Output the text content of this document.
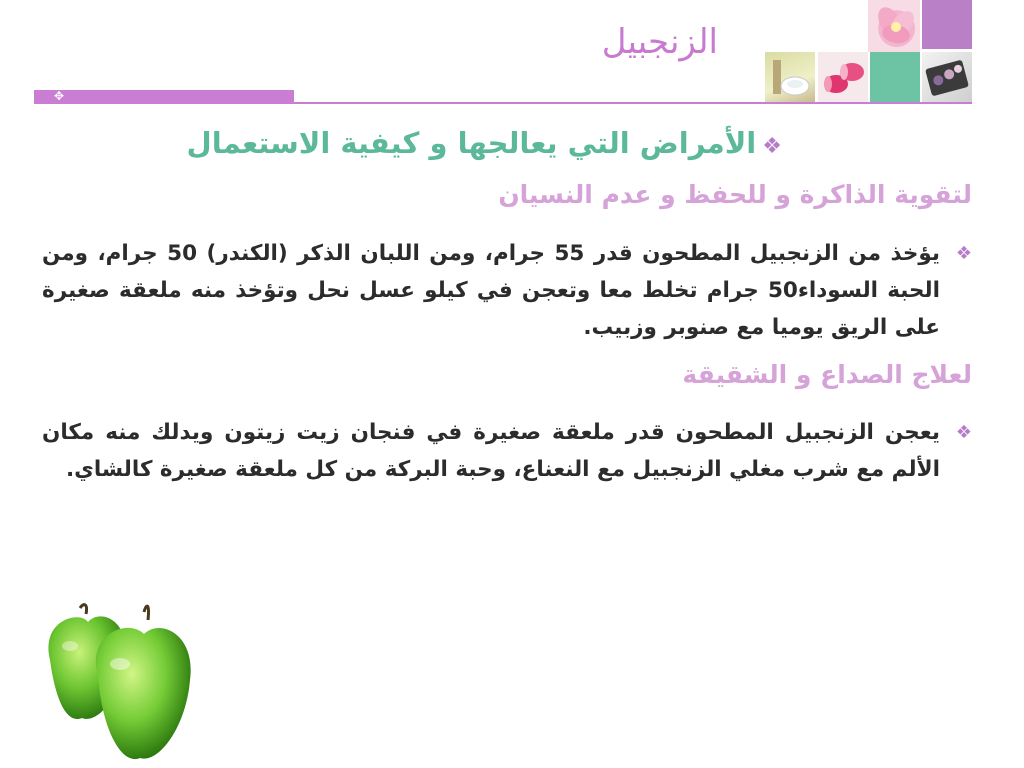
✥
الزنجبيل
❖الأمراض التي يعالجها و كيفية الاستعمال
لتقوية الذاكرة و للحفظ و عدم النسيان
❖
يؤخذ من الزنجبيل المطحون قدر 55 جرام، ومن اللبان الذكر (الكندر) 50 جرام، ومن الحبة السوداء50 جرام تخلط معا وتعجن في كيلو عسل نحل وتؤخذ منه ملعقة صغيرة على الريق يوميا مع صنوبر وزبيب.
لعلاج الصداع و الشقيقة
❖
يعجن الزنجبيل المطحون قدر ملعقة صغيرة في فنجان زيت زيتون ويدلك منه مكان الألم مع شرب مغلي الزنجبيل مع النعناع، وحبة البركة من كل ملعقة صغيرة كالشاي.
